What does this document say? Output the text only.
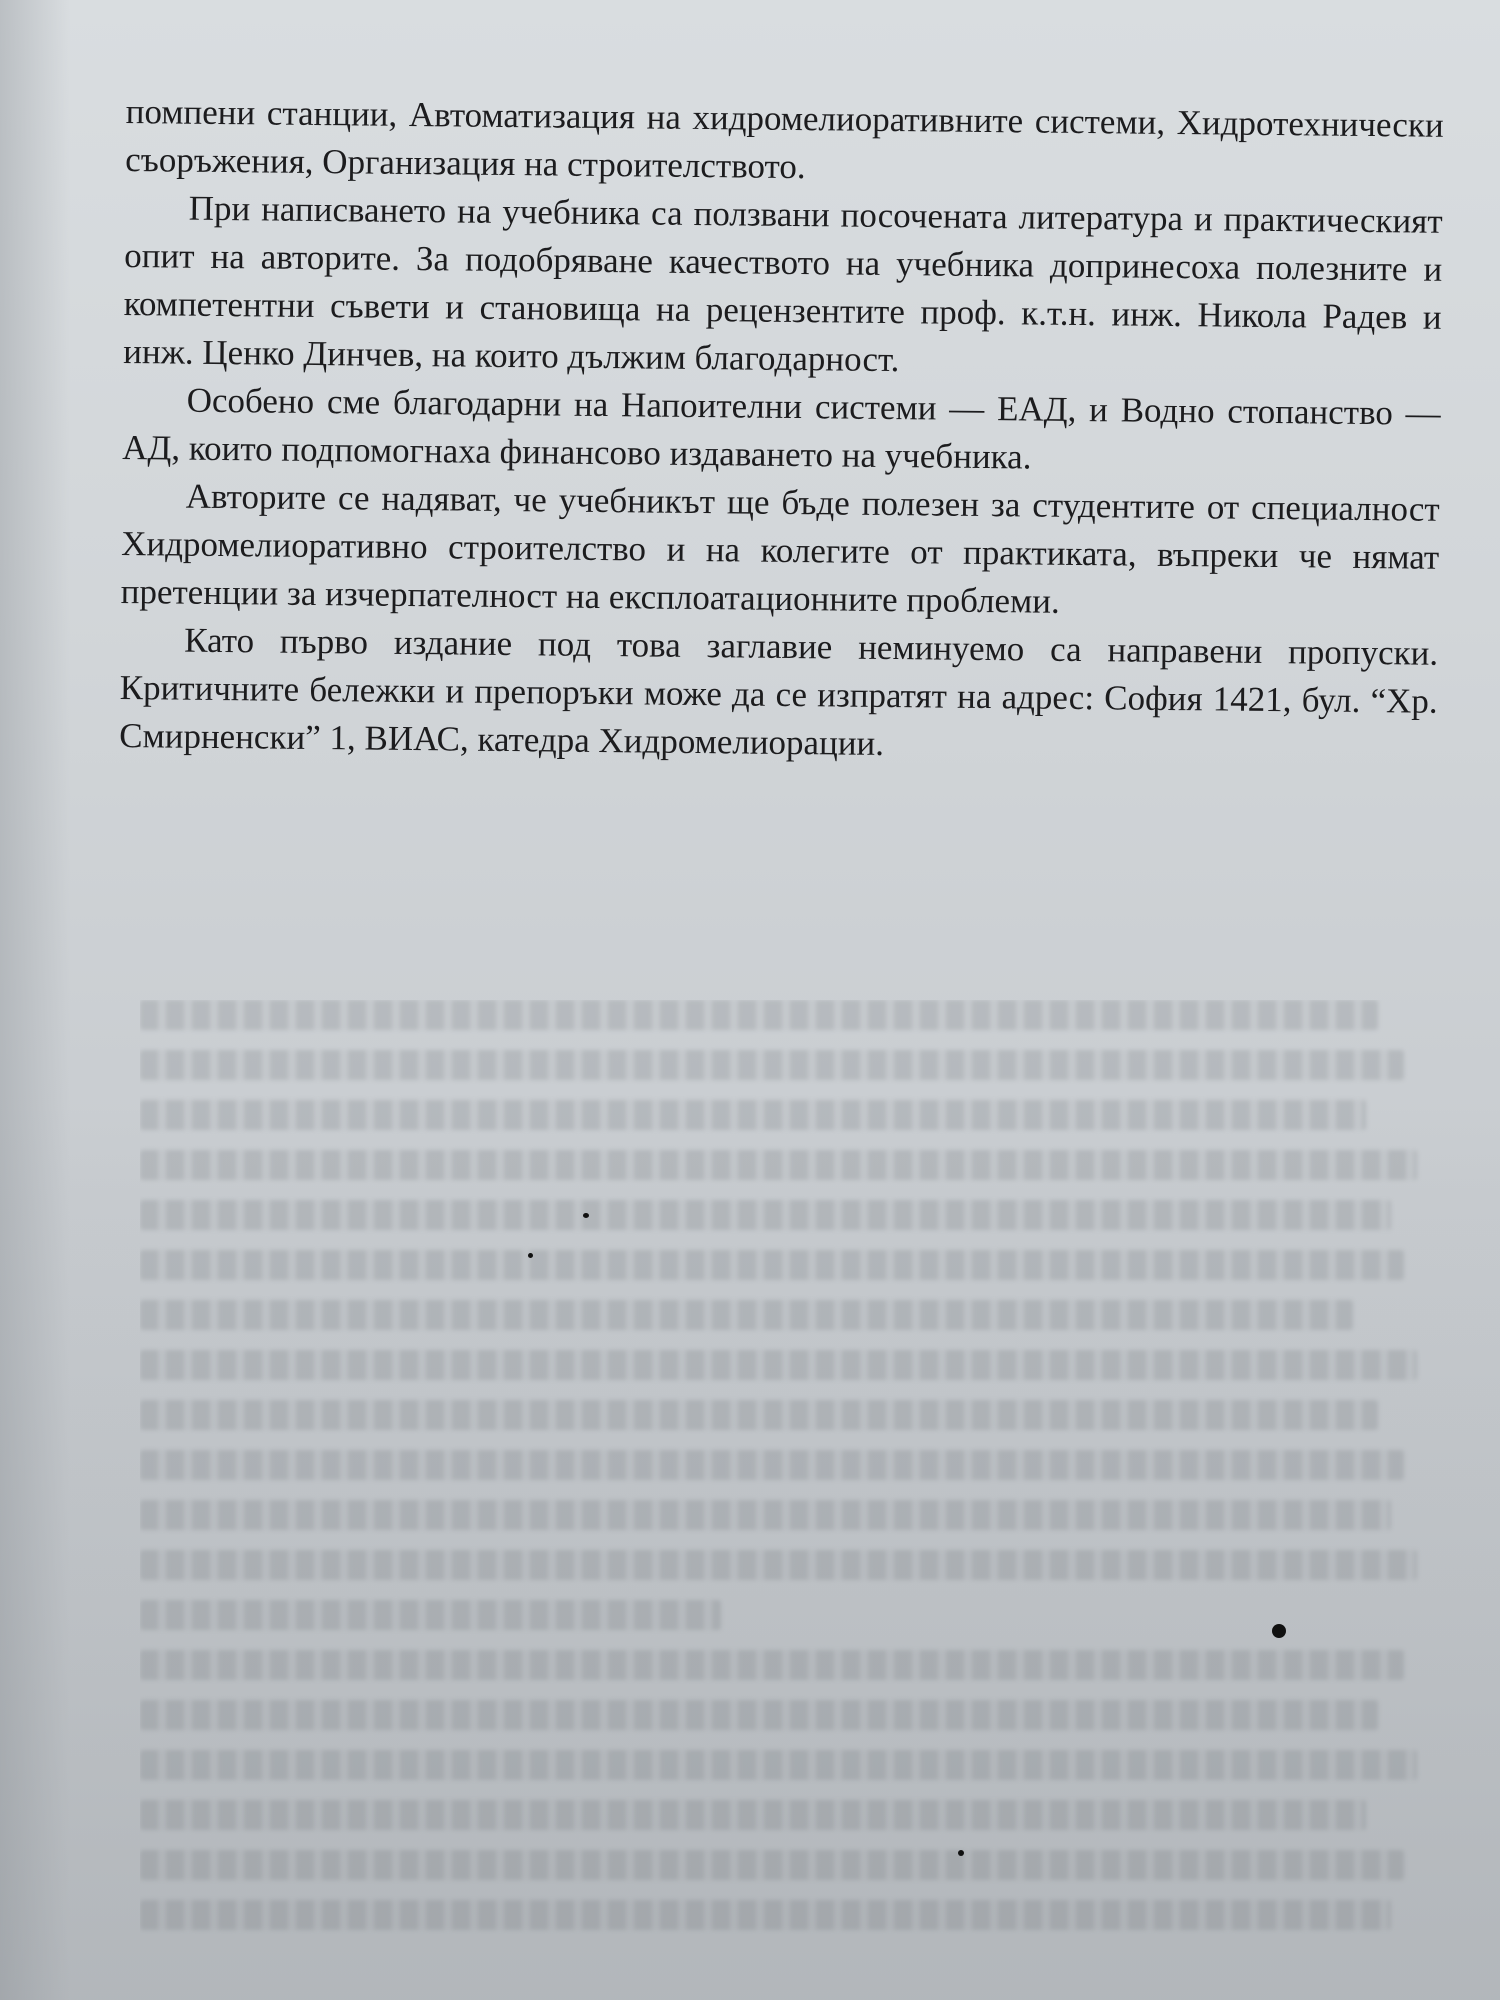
помпени станции, Автоматизация на хидромелиоративните системи, Хидротехнически съоръжения, Организация на строителството.

При написването на учебника са ползвани посочената литература и практическият опит на авторите. За подобряване качеството на учебника допринесоха полезните и компетентни съвети и становища на рецензентите проф. к.т.н. инж. Никола Радев и инж. Ценко Динчев, на които дължим благодарност.

Особено сме благодарни на Напоителни системи — ЕАД, и Водно стопанство — АД, които подпомогнаха финансово издаването на учебника.

Авторите се надяват, че учебникът ще бъде полезен за студентите от специалност Хидромелиоративно строителство и на колегите от практиката, въпреки че нямат претенции за изчерпателност на експлоатационните проблеми.

Като първо издание под това заглавие неминуемо са направени пропуски. Критичните бележки и препоръки може да се изпратят на адрес: София 1421, бул. “Хр. Смирненски” 1, ВИАС, катедра Хидромелиорации.
